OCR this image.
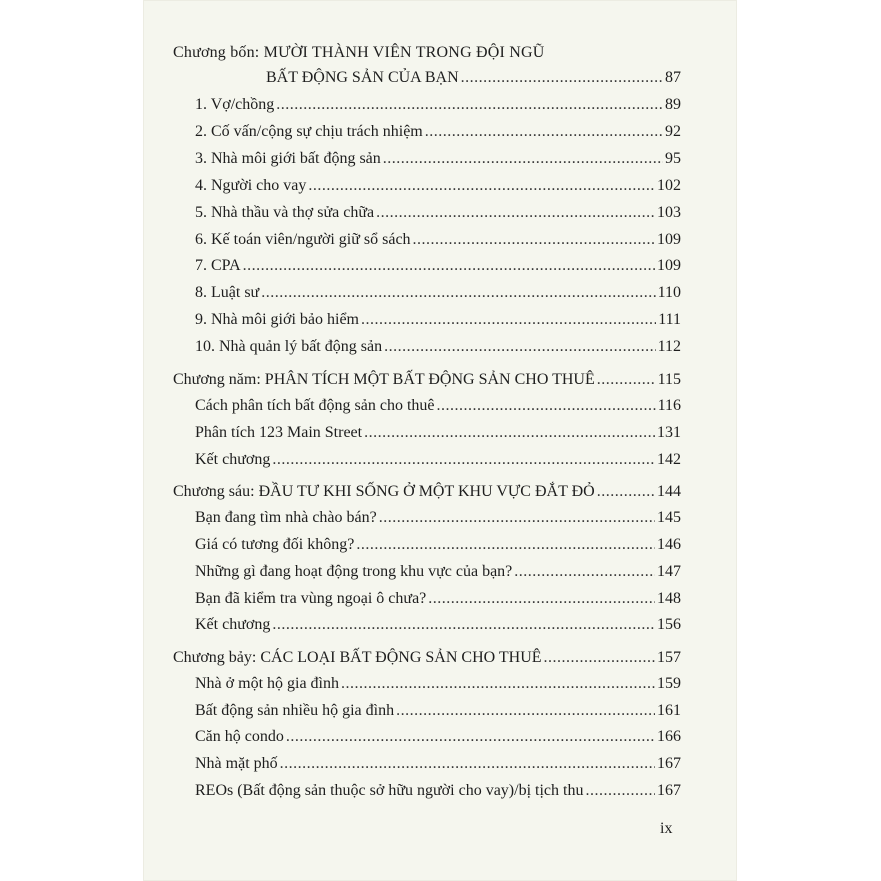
Chương bốn: MƯỜI THÀNH VIÊN TRONG ĐỘI NGŨ
BẤT ĐỘNG SẢN CỦA BẠN .....	87
1. Vợ/chồng .....	89
2. Cố vấn/cộng sự chịu trách nhiệm .....	92
3. Nhà môi giới bất động sản .....	95
4. Người cho vay .....	102
5. Nhà thầu và thợ sửa chữa .....	103
6. Kế toán viên/người giữ sổ sách .....	109
7. CPA .....	109
8. Luật sư .....	110
9. Nhà môi giới bảo hiểm .....	111
10. Nhà quản lý bất động sản .....	112
Chương năm: PHÂN TÍCH MỘT BẤT ĐỘNG SẢN CHO THUÊ .....	115
Cách phân tích bất động sản cho thuê .....	116
Phân tích 123 Main Street .....	131
Kết chương .....	142
Chương sáu: ĐẦU TƯ KHI SỐNG Ở MỘT KHU VỰC ĐẮT ĐỎ .....	144
Bạn đang tìm nhà chào bán? .....	145
Giá có tương đối không? .....	146
Những gì đang hoạt động trong khu vực của bạn? .....	147
Bạn đã kiểm tra vùng ngoại ô chưa? .....	148
Kết chương .....	156
Chương bảy: CÁC LOẠI BẤT ĐỘNG SẢN CHO THUÊ .....	157
Nhà ở một hộ gia đình .....	159
Bất động sản nhiều hộ gia đình .....	161
Căn hộ condo .....	166
Nhà mặt phố .....	167
REOs (Bất động sản thuộc sở hữu người cho vay)/bị tịch thu .....	167
ix
